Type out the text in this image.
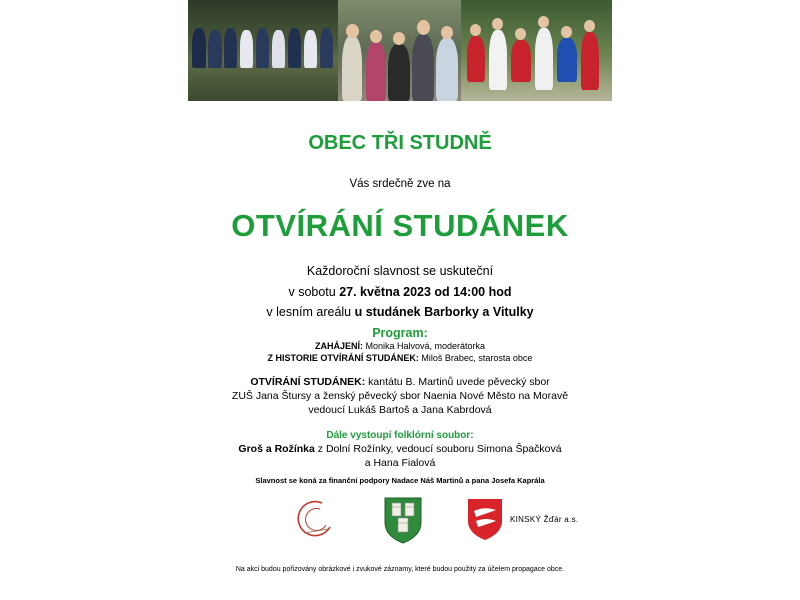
OBEC TŘI STUDNĚ
Vás srdečně zve na
OTVÍRÁNÍ STUDÁNEK
Každoroční slavnost se uskuteční
v sobotu 27. května 2023 od 14:00 hod
v lesním areálu u studánek Barborky a Vitulky
Program:
ZAHÁJENÍ: Monika Halvová, moderátorka
Z HISTORIE OTVÍRÁNÍ STUDÁNEK: Miloš Brabec, starosta obce
OTVÍRÁNÍ STUDÁNEK: kantátu B. Martinů uvede pěvecký sbor
ZUŠ Jana Štursy a ženský pěvecký sbor Naenia Nové Město na Moravě
vedoucí Lukáš Bartoš a Jana Kabrdová
Dále vystoupí folklórní soubor:
Groš a Rožínka z Dolní Rožínky, vedoucí souboru Simona Špačková
a Hana Fialová
Slavnost se koná za finanční podpory Nadace Náš Martinů a pana Josefa Kaprála
KINSKÝ Žďár a.s.
Na akci budou pořizovány obrázkové i zvukové záznamy, které budou použity za účelem propagace obce.
